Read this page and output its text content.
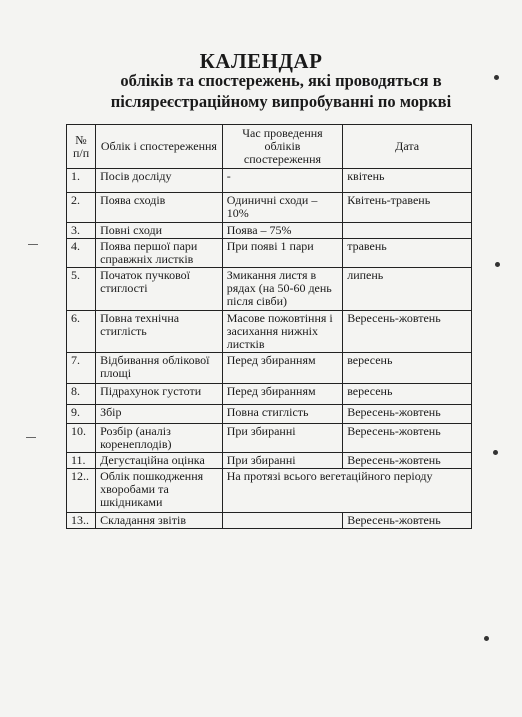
КАЛЕНДАР
обліків та спостережень, які проводяться в
післяреєстраційному випробуванні по моркві
№ п/п	Облік і спостереження	Час проведення обліків спостереження	Дата
1.	Посів досліду	-	квітень
2.	Поява сходів	Одиничні сходи – 10%	Квітень-травень
3.	Повні сходи	Поява – 75%	
4.	Поява першої пари справжніх листків	При появі 1 пари	травень
5.	Початок пучкової стиглості	Змикання листя в рядах (на 50-60 день після сівби)	липень
6.	Повна технічна стиглість	Масове пожовтіння і засихання нижніх листків	Вересень-жовтень
7.	Відбивання облікової площі	Перед збиранням	вересень
8.	Підрахунок густоти	Перед збиранням	вересень
9.	Збір	Повна стиглість	Вересень-жовтень
10.	Розбір (аналіз коренеплодів)	При збиранні	Вересень-жовтень
11.	Дегустаційна оцінка	При збиранні	Вересень-жовтень
12..	Облік пошкодження хворобами та шкідниками	На протязі всього вегетаційного періоду	
13..	Складання звітів		Вересень-жовтень
